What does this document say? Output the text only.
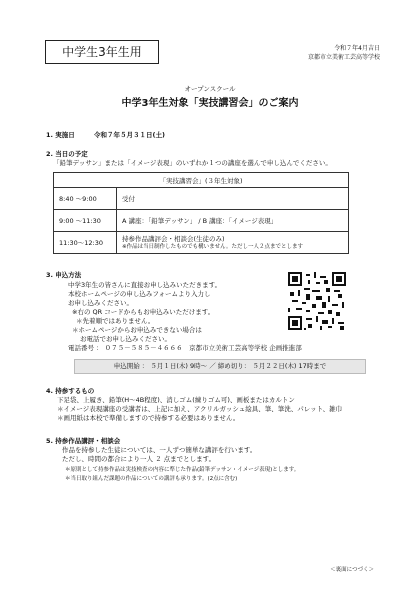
中学生3年生用	令和７年4月吉日
京都市立美術工芸高等学校
オープンスクール
中学3年生対象「実技講習会」のご案内
1. 実施日	令和７年５月３１日(土)
2. 当日の予定
「鉛筆デッサン」または「イメージ表現」のいずれか１つの講座を選んで申し込んでください。
「実技講習会」(３年生対象)	
8:40 ～9:00	受付
9:00 ～11:30	A 講座：「鉛筆デッサン」 / B 講座：「イメージ表現」
11:30～12:30	持参作品講評会・相談会(生徒のみ)
※作品は当日制作したものでも構いません。ただし一人２点までとします
3. 申込方法
中学3年生の皆さんに直接お申し込みいただきます。
本校ホームページの申し込みフォームより入力し
お申し込みください。
※右の QR コードからもお申込みいただけます。
＊先着順ではありません。
＊ホームページからお申込みできない場合は
お電話でお申し込みください。
電話番号 ： ０７５－５８５－４６６６　京都市立美術工芸高等学校 企画推進部
申込開始 ： ５月１日(木) 9時～ ／ 締め切り： ５月２２日(木) 17時まで
4. 持参するもの
下足袋、上履き、鉛筆(H～4B程度)、消しゴム(練りゴム可)、画板またはカルトン
＊イメージ表現講座の受講者は、上記に加え、アクリルガッシュ絵具、筆、筆洗、パレット、雑巾
＊画用紙は本校で準備しますので持参する必要はありません。
5. 持参作品講評・相談会
作品を持参した生徒については、一人ずつ簡単な講評を行います。
ただし、時間の都合により一人 ２ 点までとします。
＊原則として持参作品は実技検査の内容に準じた作品(鉛筆デッサン・イメージ表現)とします。
＊当日取り組んだ課題の作品についての講評も承ります。(2点に含む)
＜裏面につづく＞
